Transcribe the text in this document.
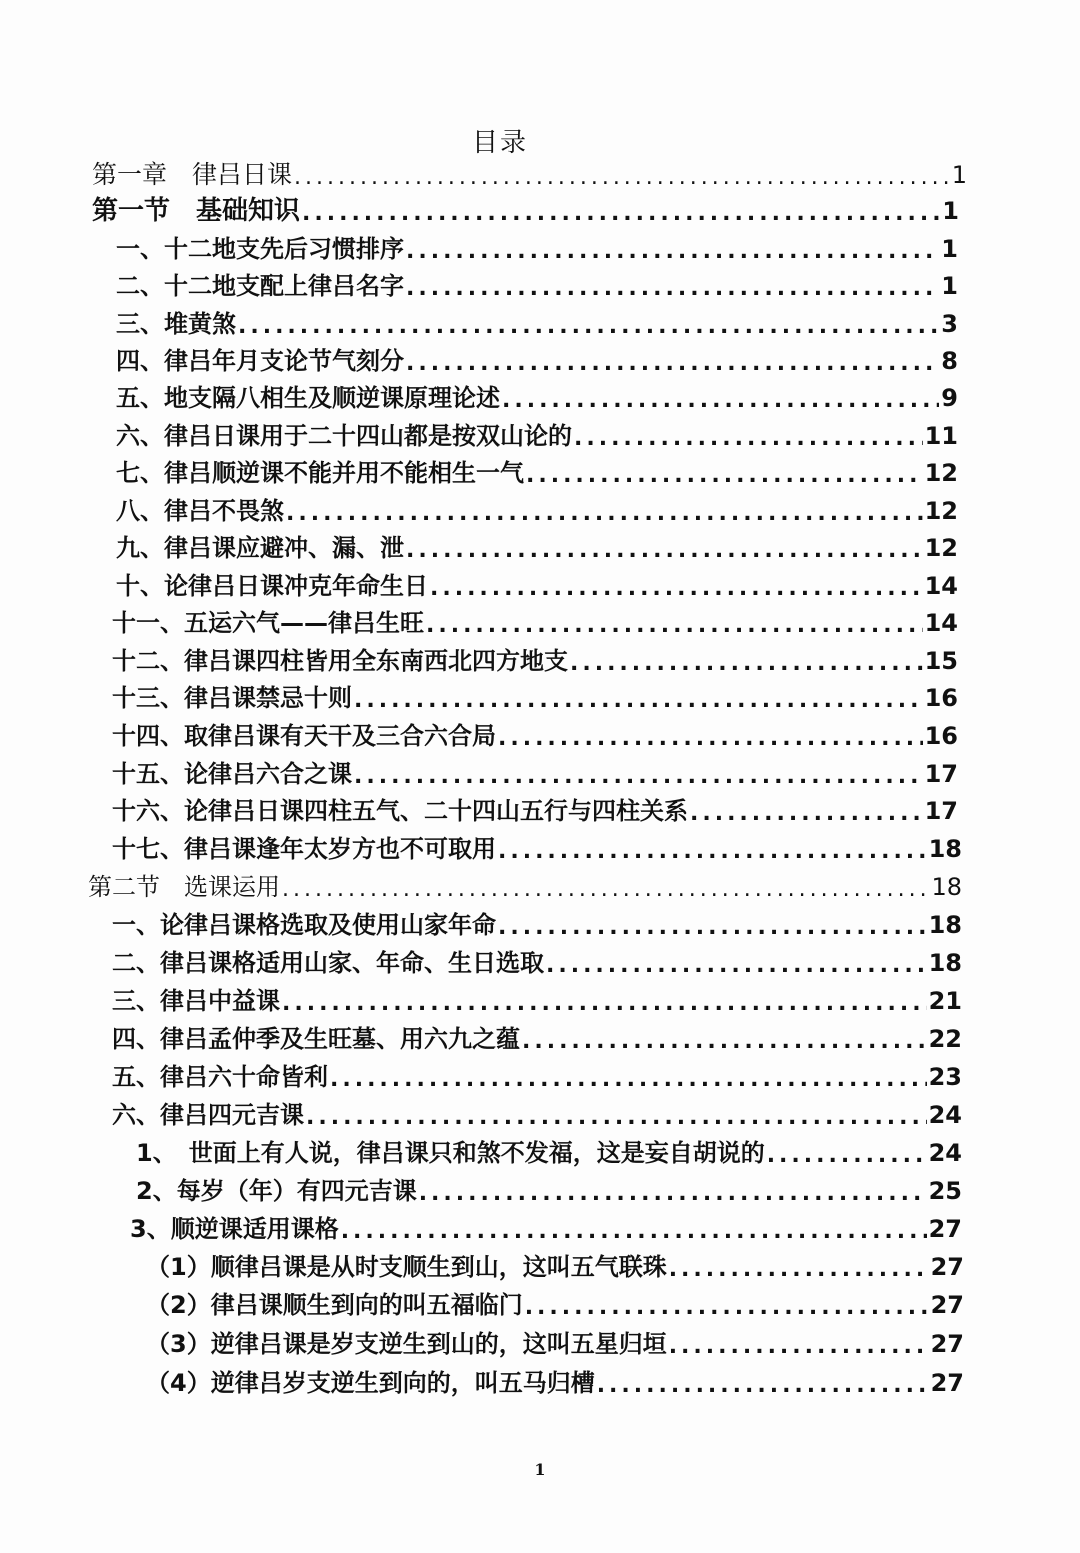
目录
第一章　律吕日课 .....	1
第一节　基础知识 .....	1
一、十二地支先后习惯排序 .....	1
二、十二地支配上律吕名字 .....	1
三、堆黄煞 .....	3
四、律吕年月支论节气刻分 .....	8
五、地支隔八相生及顺逆课原理论述 .....	9
六、律吕日课用于二十四山都是按双山论的 .....	11
七、律吕顺逆课不能并用不能相生一气 .....	12
八、律吕不畏煞 .....	12
九、律吕课应避冲、漏、泄 .....	12
十、论律吕日课冲克年命生日 .....	14
十一、五运六气——律吕生旺 .....	14
十二、律吕课四柱皆用全东南西北四方地支 .....	15
十三、律吕课禁忌十则 .....	16
十四、取律吕课有天干及三合六合局 .....	16
十五、论律吕六合之课 .....	17
十六、论律吕日课四柱五气、二十四山五行与四柱关系 .....	17
十七、律吕课逢年太岁方也不可取用 .....	18
第二节　选课运用 .....	18
一、论律吕课格选取及使用山家年命 .....	18
二、律吕课格适用山家、年命、生日选取 .....	18
三、律吕中益课 .....	21
四、律吕孟仲季及生旺墓、用六九之蕴 .....	22
五、律吕六十命皆利 .....	23
六、律吕四元吉课 .....	24
1、　世面上有人说，律吕课只和煞不发福，这是妄自胡说的 .....	24
2、每岁（年）有四元吉课 .....	25
3、顺逆课适用课格 .....	27
（1）顺律吕课是从时支顺生到山，这叫五气联珠 .....	27
（2）律吕课顺生到向的叫五福临门 .....	27
（3）逆律吕课是岁支逆生到山的，这叫五星归垣 .....	27
（4）逆律吕岁支逆生到向的，叫五马归槽 .....	27
1
